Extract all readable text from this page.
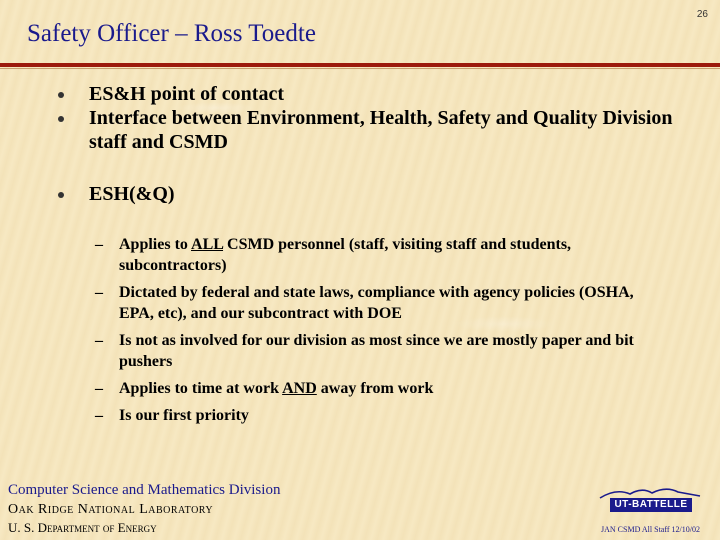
26
Safety Officer – Ross Toedte
ES&H point of contact
Interface between Environment, Health, Safety and Quality Division staff and CSMD
ESH(&Q)
– Applies to ALL CSMD personnel (staff, visiting staff and students, subcontractors)
– Dictated by federal and state laws, compliance with agency policies (OSHA, EPA, etc), and our subcontract with DOE
– Is not as involved for our division as most since we are mostly paper and bit pushers
– Applies to time at work AND away from work
– Is our first priority
Computer Science and Mathematics Division
Oak Ridge National Laboratory
U. S. Department of Energy
UT-BATTELLE
JAN CSMD All Staff 12/10/02
